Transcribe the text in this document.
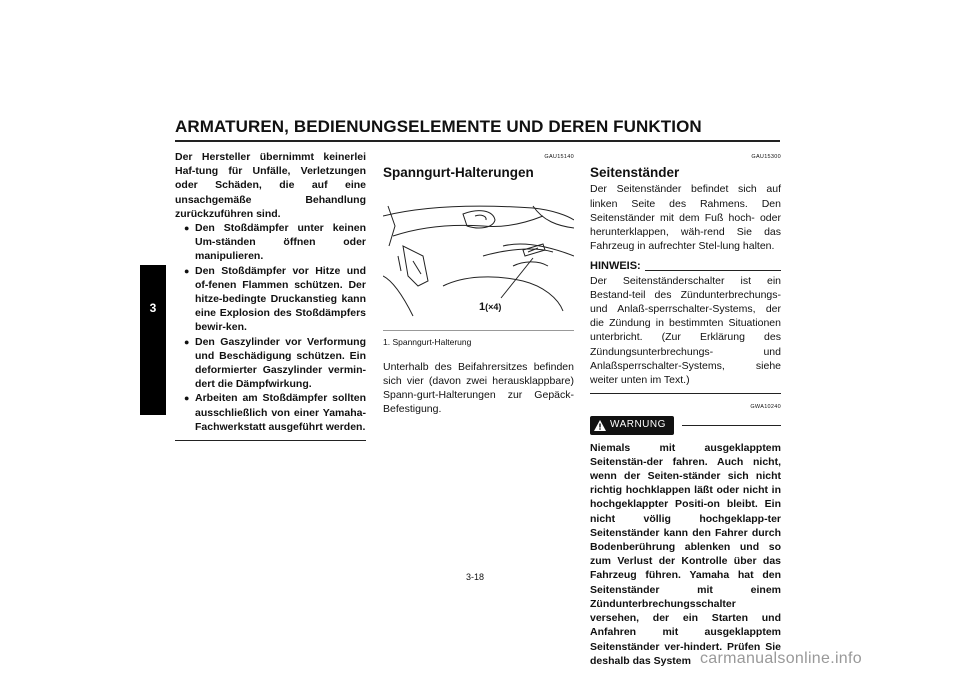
ARMATUREN, BEDIENUNGSELEMENTE UND DEREN FUNKTION
3
Der Hersteller übernimmt keinerlei Haf-tung für Unfälle, Verletzungen oder Schäden, die auf eine unsachgemäße Behandlung zurückzuführen sind.
● Den Stoßdämpfer unter keinen Um-ständen öffnen oder manipulieren.
● Den Stoßdämpfer vor Hitze und of-fenen Flammen schützen. Der hitze-bedingte Druckanstieg kann eine Explosion des Stoßdämpfers bewir-ken.
● Den Gaszylinder vor Verformung und Beschädigung schützen. Ein deformierter Gaszylinder vermin-dert die Dämpfwirkung.
● Arbeiten am Stoßdämpfer sollten ausschließlich von einer Yamaha-Fachwerkstatt ausgeführt werden.
GAU15140
Spanngurt-Halterungen
1(×4)
1. Spanngurt-Halterung
Unterhalb des Beifahrersitzes befinden sich vier (davon zwei herausklappbare) Spann-gurt-Halterungen zur Gepäck-Befestigung.
GAU15300
Seitenständer
Der Seitenständer befindet sich auf linken Seite des Rahmens. Den Seitenständer mit dem Fuß hoch- oder herunterklappen, wäh-rend Sie das Fahrzeug in aufrechter Stel-lung halten.
HINWEIS:
Der Seitenständerschalter ist ein Bestand-teil des Zündunterbrechungs- und Anlaß-sperrschalter-Systems, der die Zündung in bestimmten Situationen unterbricht. (Zur Erklärung des Zündungsunterbrechungs- und Anlaßsperrschalter-Systems, siehe weiter unten im Text.)
GWA10240
WARNUNG
Niemals mit ausgeklapptem Seitenstän-der fahren. Auch nicht, wenn der Seiten-ständer sich nicht richtig hochklappen läßt oder nicht in hochgeklappter Positi-on bleibt. Ein nicht völlig hochgeklapp-ter Seitenständer kann den Fahrer durch Bodenberührung ablenken und so zum Verlust der Kontrolle über das Fahrzeug führen. Yamaha hat den Seitenständer mit einem Zündunterbrechungsschalter versehen, der ein Starten und Anfahren mit ausgeklapptem Seitenständer ver-hindert. Prüfen Sie deshalb das System
3-18
carmanualsonline.info
